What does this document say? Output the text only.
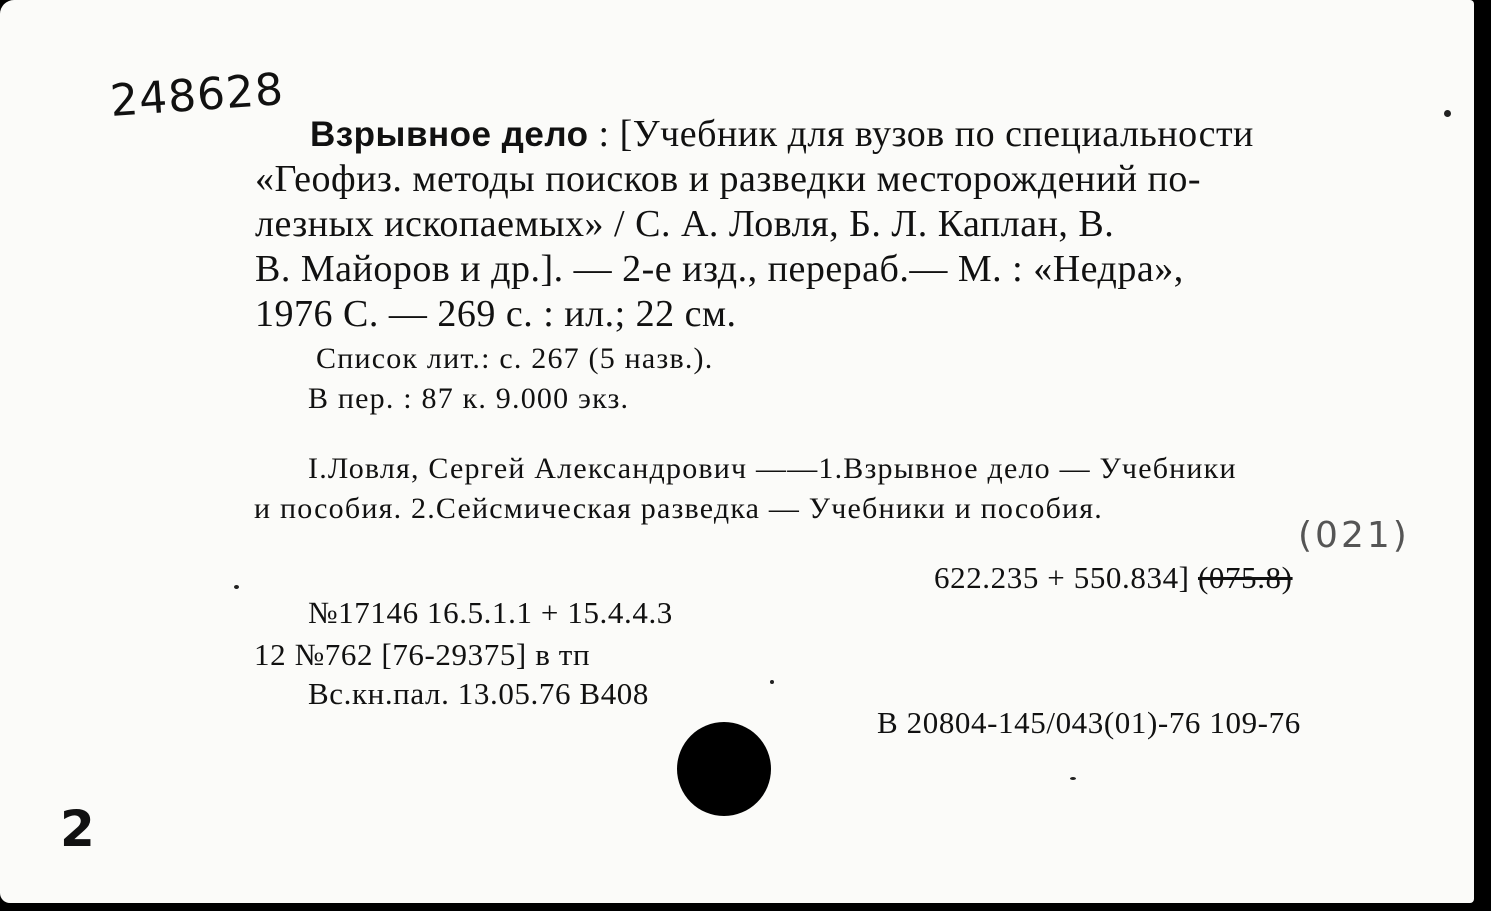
248628
Взрывное дело : [Учебник для вузов по специальности
«Геофиз. методы поисков и разведки месторождений по-
лезных ископаемых» / С. А. Ловля, Б. Л. Каплан, В.
В. Майоров и др.]. — 2-е изд., перераб.— М. : «Недра»,
1976 С. — 269 с. : ил.; 22 см.
Список лит.: с. 267 (5 назв.).
В пер. : 87 к. 9.000 экз.
I.Ловля, Сергей Александрович ——1.Взрывное дело — Учебники
и пособия. 2.Сейсмическая разведка — Учебники и пособия.
(021)
622.235 + 550.834] (075.8)
№17146 16.5.1.1 + 15.4.4.3
12 №762 [76-29375] в тп
Вс.кн.пал. 13.05.76 В408
В 20804-145/043(01)-76 109-76
2
